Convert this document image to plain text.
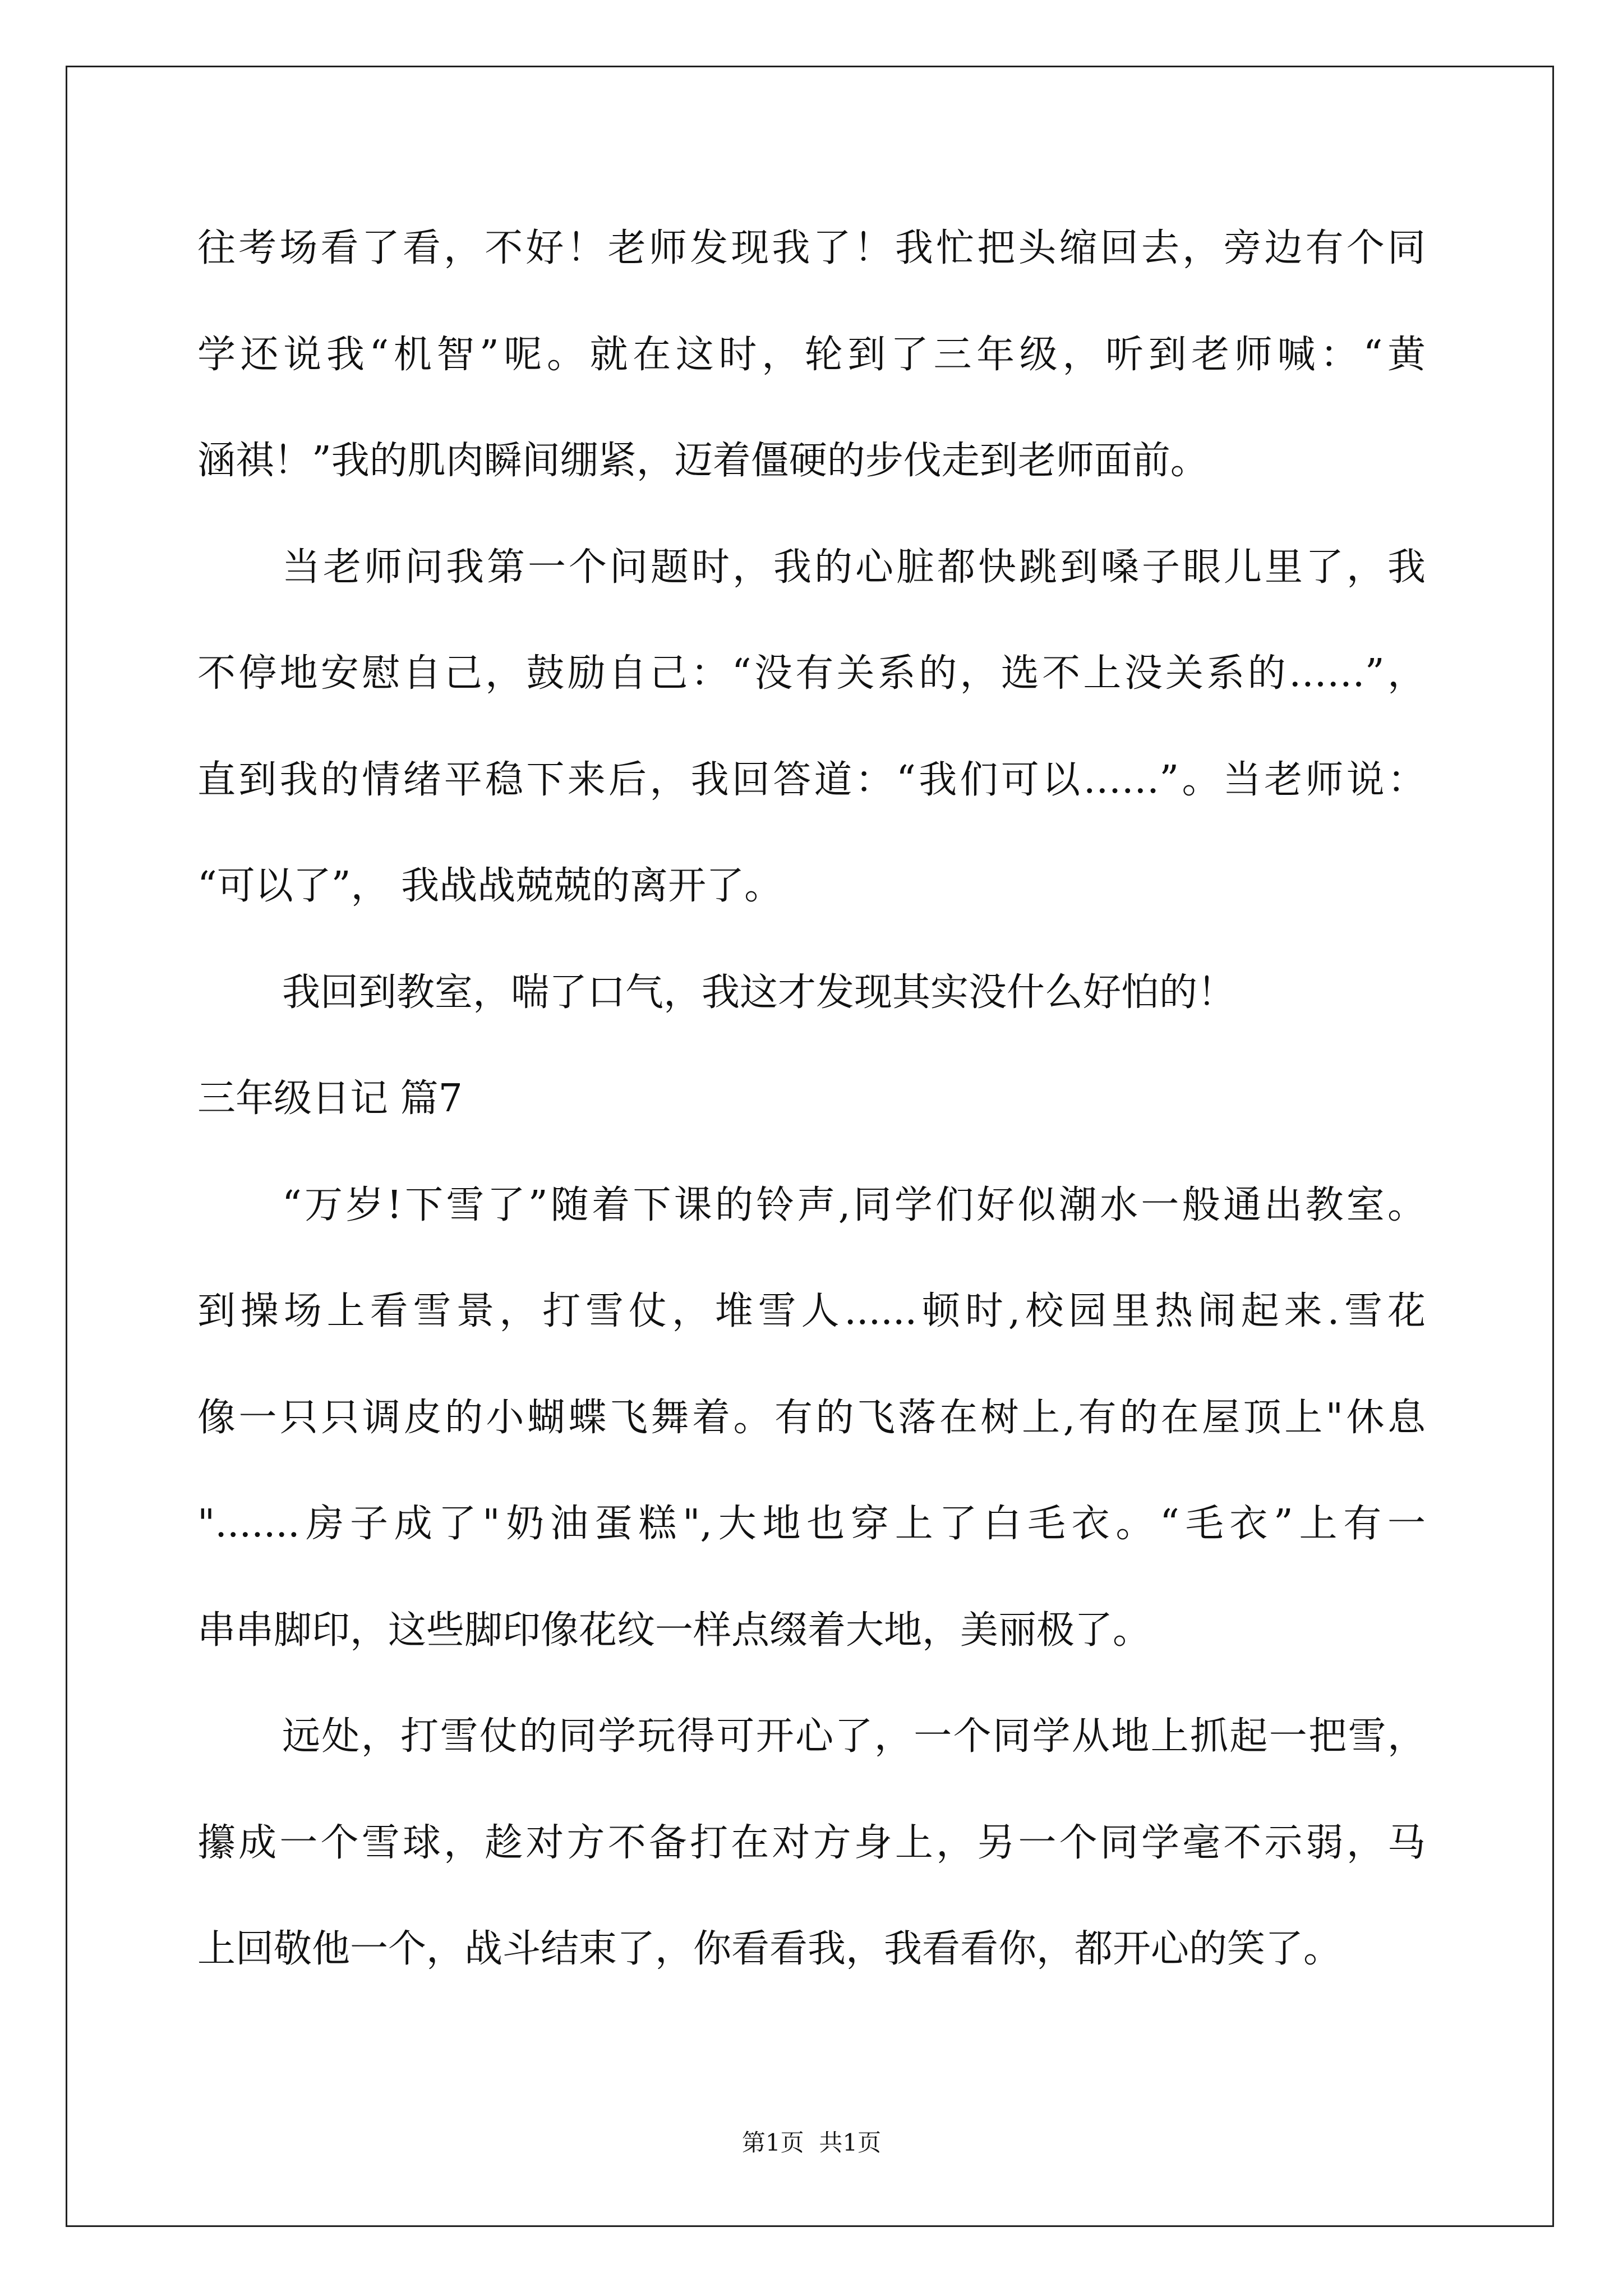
往考场看了看，不好！老师发现我了！我忙把头缩回去，旁边有个同
学还说我“机智”呢。就在这时，轮到了三年级，听到老师喊：“黄
涵祺！”我的肌肉瞬间绷紧，迈着僵硬的步伐走到老师面前。
当老师问我第一个问题时，我的心脏都快跳到嗓子眼儿里了，我
不停地安慰自己，鼓励自己：“没有关系的，选不上没关系的……”，
直到我的情绪平稳下来后，我回答道：“我们可以……”。当老师说：
“可以了”， 我战战兢兢的离开了。
我回到教室，喘了口气，我这才发现其实没什么好怕的！
三年级日记 篇7
“万岁!下雪了”随着下课的铃声,同学们好似潮水一般通出教室。
到操场上看雪景，打雪仗，堆雪人......顿时,校园里热闹起来.雪花
像一只只调皮的小蝴蝶飞舞着。有的飞落在树上,有的在屋顶上"休息
".......房子成了"奶油蛋糕",大地也穿上了白毛衣。“毛衣”上有一
串串脚印，这些脚印像花纹一样点缀着大地，美丽极了。
远处，打雪仗的同学玩得可开心了，一个同学从地上抓起一把雪，
攥成一个雪球，趁对方不备打在对方身上，另一个同学毫不示弱，马
上回敬他一个，战斗结束了，你看看我，我看看你，都开心的笑了。
第1页  共1页
